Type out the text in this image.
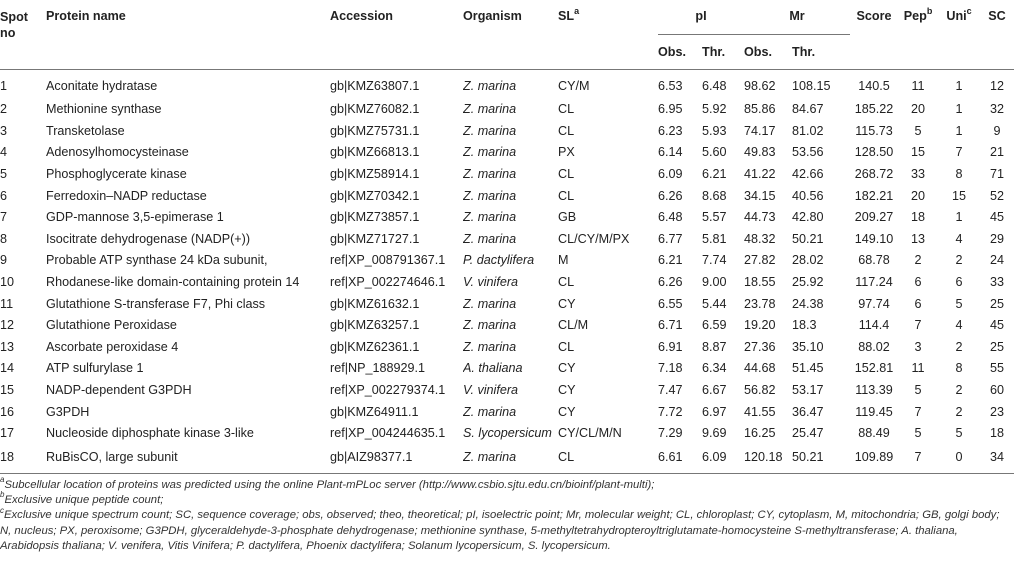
Spot no	Protein name	Accession	Organism	$SL^a$	pI		Mr		Score	Pep$^b$	Uni$^c$	SC
					Obs.	Thr.	Obs.	Thr.				
1	Aconitate hydratase	gb|KMZ63807.1	Z. marina	CY/M	6.53	6.48	98.62	108.15	140.5	11	1	12
2	Methionine synthase	gb|KMZ76082.1	Z. marina	CL	6.95	5.92	85.86	84.67	185.22	20	1	32
3	Transketolase	gb|KMZ75731.1	Z. marina	CL	6.23	5.93	74.17	81.02	115.73	5	1	9
4	Adenosylhomocysteinase	gb|KMZ66813.1	Z. marina	PX	6.14	5.60	49.83	53.56	128.50	15	7	21
5	Phosphoglycerate kinase	gb|KMZ58914.1	Z. marina	CL	6.09	6.21	41.22	42.66	268.72	33	8	71
6	Ferredoxin–NADP reductase	gb|KMZ70342.1	Z. marina	CL	6.26	8.68	34.15	40.56	182.21	20	15	52
7	GDP-mannose 3,5-epimerase 1	gb|KMZ73857.1	Z. marina	GB	6.48	5.57	44.73	42.80	209.27	18	1	45
8	Isocitrate dehydrogenase (NADP(+))	gb|KMZ71727.1	Z. marina	CL/CY/M/PX	6.77	5.81	48.32	50.21	149.10	13	4	29
9	Probable ATP synthase 24 kDa subunit,	ref|XP_008791367.1	P. dactylifera	M	6.21	7.74	27.82	28.02	68.78	2	2	24
10	Rhodanese-like domain-containing protein 14	ref|XP_002274646.1	V. vinifera	CL	6.26	9.00	18.55	25.92	117.24	6	6	33
11	Glutathione S-transferase F7, Phi class	gb|KMZ61632.1	Z. marina	CY	6.55	5.44	23.78	24.38	97.74	6	5	25
12	Glutathione Peroxidase	gb|KMZ63257.1	Z. marina	CL/M	6.71	6.59	19.20	18.3	114.4	7	4	45
13	Ascorbate peroxidase 4	gb|KMZ62361.1	Z. marina	CL	6.91	8.87	27.36	35.10	88.02	3	2	25
14	ATP sulfurylase 1	ref|NP_188929.1	A. thaliana	CY	7.18	6.34	44.68	51.45	152.81	11	8	55
15	NADP-dependent G3PDH	ref|XP_002279374.1	V. vinifera	CY	7.47	6.67	56.82	53.17	113.39	5	2	60
16	G3PDH	gb|KMZ64911.1	Z. marina	CY	7.72	6.97	41.55	36.47	119.45	7	2	23
17	Nucleoside diphosphate kinase 3-like	ref|XP_004244635.1	S. lycopersicum	CY/CL/M/N	7.29	9.69	16.25	25.47	88.49	5	5	18
18	RuBisCO, large subunit	gb|AIZ98377.1	Z. marina	CL	6.61	6.09	120.18	50.21	109.89	7	0	34

$^a$Subcellular location of proteins was predicted using the online Plant-mPLoc server (http://www.csbio.sjtu.edu.cn/bioinf/plant-multi);

$^b$Exclusive unique peptide count;

$^c$Exclusive unique spectrum count; SC, sequence coverage; obs, observed; theo, theoretical; pI, isoelectric point; Mr, molecular weight; CL, chloroplast; CY, cytoplasm, M, mitochondria; GB, golgi body; N, nucleus; PX, peroxisome; G3PDH, glyceraldehyde-3-phosphate dehydrogenase; methionine synthase, 5-methyltetrahydropteroyltriglutamate-homocysteine S-methyltransferase; A. thaliana, Arabidopsis thaliana; V. venifera, Vitis Vinifera; P. dactylifera, Phoenix dactylifera; Solanum lycopersicum, S. lycopersicum.
